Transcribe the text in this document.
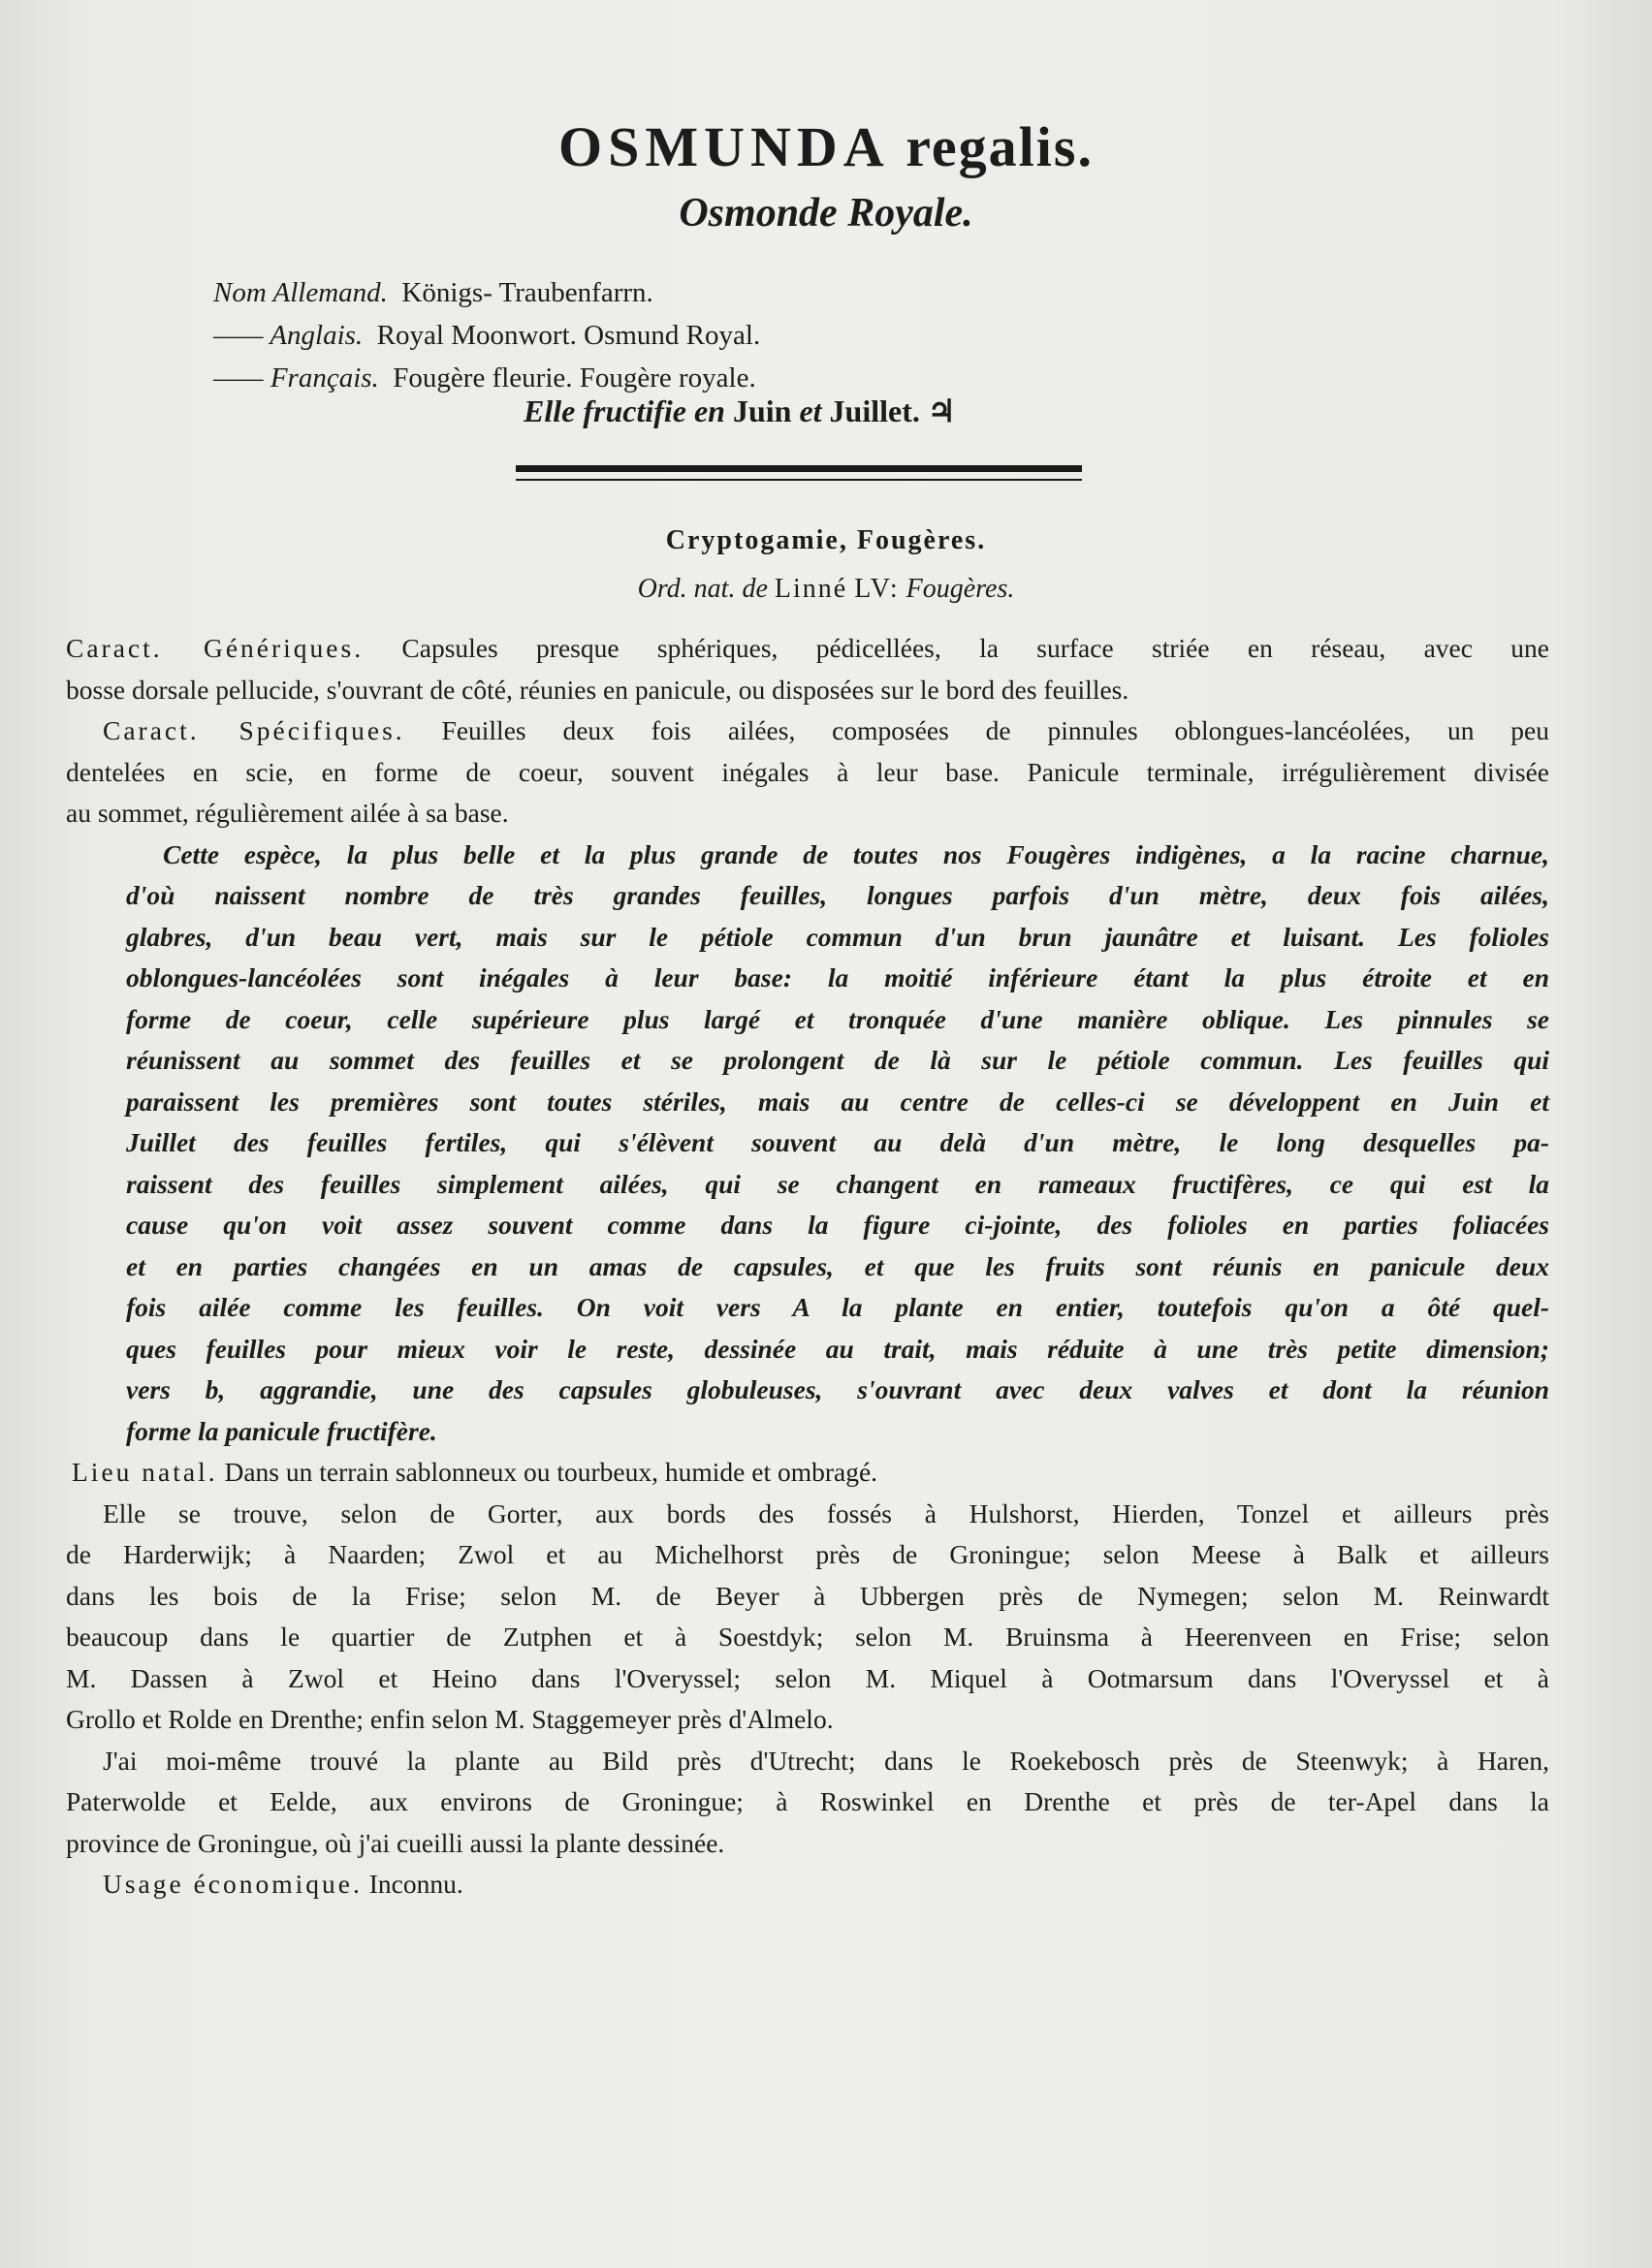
OSMUNDA regalis.
Osmonde Royale.
Nom Allemand. Königs- Traubenfarrn.
—— Anglais. Royal Moonwort. Osmund Royal.
—— Français. Fougère fleurie. Fougère royale.
Elle fructifie en Juin et Juillet. ♃
Cryptogamie, Fougères.
Ord. nat. de Linné LV: Fougères.
Caract. Génériques. Capsules presque sphériques, pédicellées, la surface striée en réseau, avec une
bosse dorsale pellucide, s'ouvrant de côté, réunies en panicule, ou disposées sur le bord des feuilles.
Caract. Spécifiques. Feuilles deux fois ailées, composées de pinnules oblongues-lancéolées, un peu
dentelées en scie, en forme de coeur, souvent inégales à leur base. Panicule terminale, irrégulièrement divisée
au sommet, régulièrement ailée à sa base.
Cette espèce, la plus belle et la plus grande de toutes nos Fougères indigènes, a la racine charnue,
d'où naissent nombre de très grandes feuilles, longues parfois d'un mètre, deux fois ailées,
glabres, d'un beau vert, mais sur le pétiole commun d'un brun jaunâtre et luisant. Les folioles
oblongues-lancéolées sont inégales à leur base: la moitié inférieure étant la plus étroite et en
forme de coeur, celle supérieure plus largé et tronquée d'une manière oblique. Les pinnules se
réunissent au sommet des feuilles et se prolongent de là sur le pétiole commun. Les feuilles qui
paraissent les premières sont toutes stériles, mais au centre de celles-ci se développent en Juin et
Juillet des feuilles fertiles, qui s'élèvent souvent au delà d'un mètre, le long desquelles pa-
raissent des feuilles simplement ailées, qui se changent en rameaux fructifères, ce qui est la
cause qu'on voit assez souvent comme dans la figure ci-jointe, des folioles en parties foliacées
et en parties changées en un amas de capsules, et que les fruits sont réunis en panicule deux
fois ailée comme les feuilles. On voit vers A la plante en entier, toutefois qu'on a ôté quel-
ques feuilles pour mieux voir le reste, dessinée au trait, mais réduite à une très petite dimension;
vers b, aggrandie, une des capsules globuleuses, s'ouvrant avec deux valves et dont la réunion
forme la panicule fructifère.
Lieu natal. Dans un terrain sablonneux ou tourbeux, humide et ombragé.
Elle se trouve, selon de Gorter, aux bords des fossés à Hulshorst, Hierden, Tonzel et ailleurs près
de Harderwijk; à Naarden; Zwol et au Michelhorst près de Groningue; selon Meese à Balk et ailleurs
dans les bois de la Frise; selon M. de Beyer à Ubbergen près de Nymegen; selon M. Reinwardt
beaucoup dans le quartier de Zutphen et à Soestdyk; selon M. Bruinsma à Heerenveen en Frise; selon
M. Dassen à Zwol et Heino dans l'Overyssel; selon M. Miquel à Ootmarsum dans l'Overyssel et à
Grollo et Rolde en Drenthe; enfin selon M. Staggemeyer près d'Almelo.
J'ai moi-même trouvé la plante au Bild près d'Utrecht; dans le Roekebosch près de Steenwyk; à Haren,
Paterwolde et Eelde, aux environs de Groningue; à Roswinkel en Drenthe et près de ter-Apel dans la
province de Groningue, où j'ai cueilli aussi la plante dessinée.
Usage économique. Inconnu.
